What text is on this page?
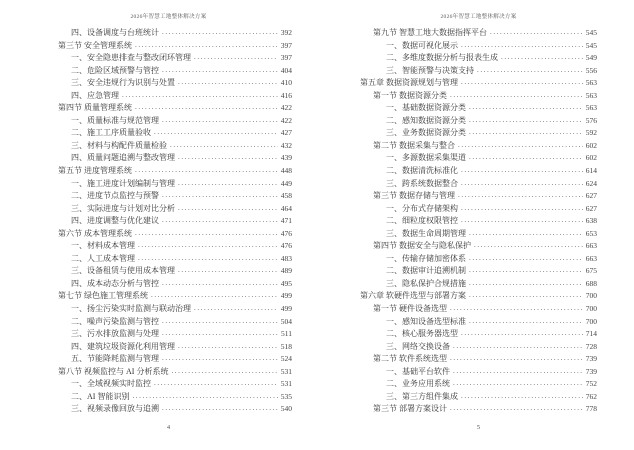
2026年智慧工地整体解决方案
四、设备调度与台班统计 .....	392
第三节 安全管理系统 .....	397
一、安全隐患排查与整改闭环管理 .....	397
二、危险区域预警与管控 .....	404
三、安全违规行为识别与处置 .....	410
四、应急管理 .....	416
第四节 质量管理系统 .....	422
一、质量标准与规范管理 .....	422
二、施工工序质量验收 .....	427
三、材料与构配件质量检验 .....	432
四、质量问题追溯与整改管理 .....	439
第五节 进度管理系统 .....	448
一、施工进度计划编制与管理 .....	449
二、进度节点监控与预警 .....	458
三、实际进度与计划对比分析 .....	464
四、进度调整与优化建议 .....	471
第六节 成本管理系统 .....	476
一、材料成本管理 .....	476
二、人工成本管理 .....	483
三、设备租赁与使用成本管理 .....	489
四、成本动态分析与管控 .....	495
第七节 绿色施工管理系统 .....	499
一、扬尘污染实时监测与联动治理 .....	499
二、噪声污染监测与管控 .....	504
三、污水排放监测与处理 .....	511
四、建筑垃圾资源化利用管理 .....	518
五、节能降耗监测与管理 .....	524
第八节 视频监控与 AI 分析系统 .....	531
一、全域视频实时监控 .....	531
二、AI 智能识别 .....	535
三、视频录像回放与追溯 .....	540
4
2026年智慧工地整体解决方案
第九节 智慧工地大数据指挥平台 .....	545
一、数据可视化展示 .....	545
二、多维度数据分析与报表生成 .....	549
三、智能预警与决策支持 .....	556
第五章 数据资源规划与管理 .....	563
第一节 数据资源分类 .....	563
一、基础数据资源分类 .....	563
二、感知数据资源分类 .....	576
三、业务数据资源分类 .....	592
第二节 数据采集与整合 .....	602
一、多源数据采集渠道 .....	602
二、数据清洗标准化 .....	614
三、跨系统数据整合 .....	624
第三节 数据存储与管理 .....	627
一、分布式存储架构 .....	627
二、细粒度权限管控 .....	638
三、数据生命周期管理 .....	653
第四节 数据安全与隐私保护 .....	663
一、传输存储加密体系 .....	663
二、数据审计追溯机制 .....	675
三、隐私保护合规措施 .....	688
第六章 软硬件选型与部署方案 .....	700
第一节 硬件设备选型 .....	700
一、感知设备选型标准 .....	700
二、核心服务器选型 .....	714
三、网络交换设备 .....	728
第二节 软件系统选型 .....	739
一、基础平台软件 .....	739
二、业务应用系统 .....	752
三、第三方组件集成 .....	762
第三节 部署方案设计 .....	778
5
